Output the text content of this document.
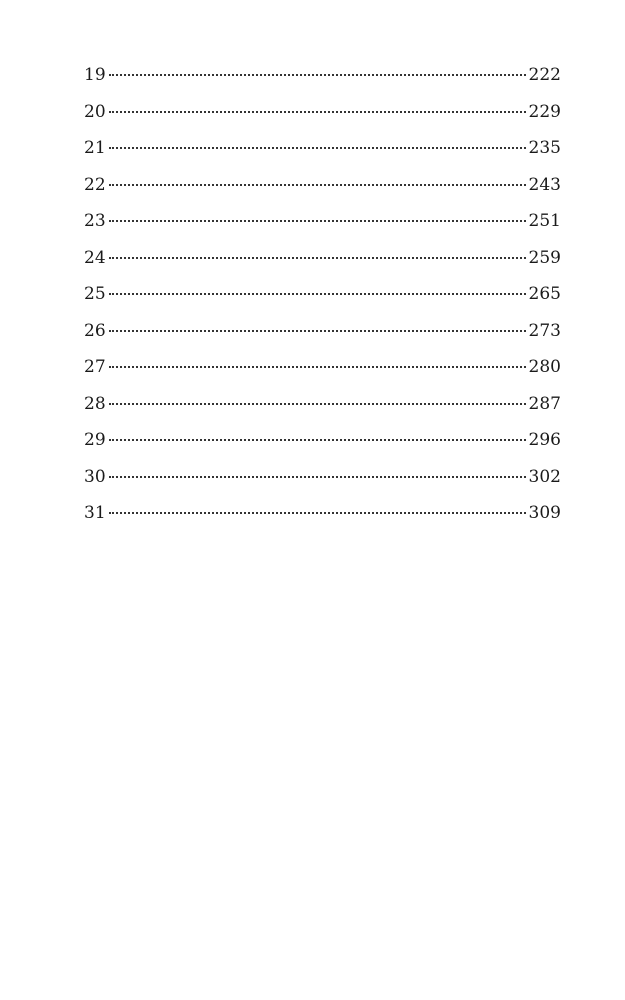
19	222
20	229
21	235
22	243
23	251
24	259
25	265
26	273
27	280
28	287
29	296
30	302
31	309
